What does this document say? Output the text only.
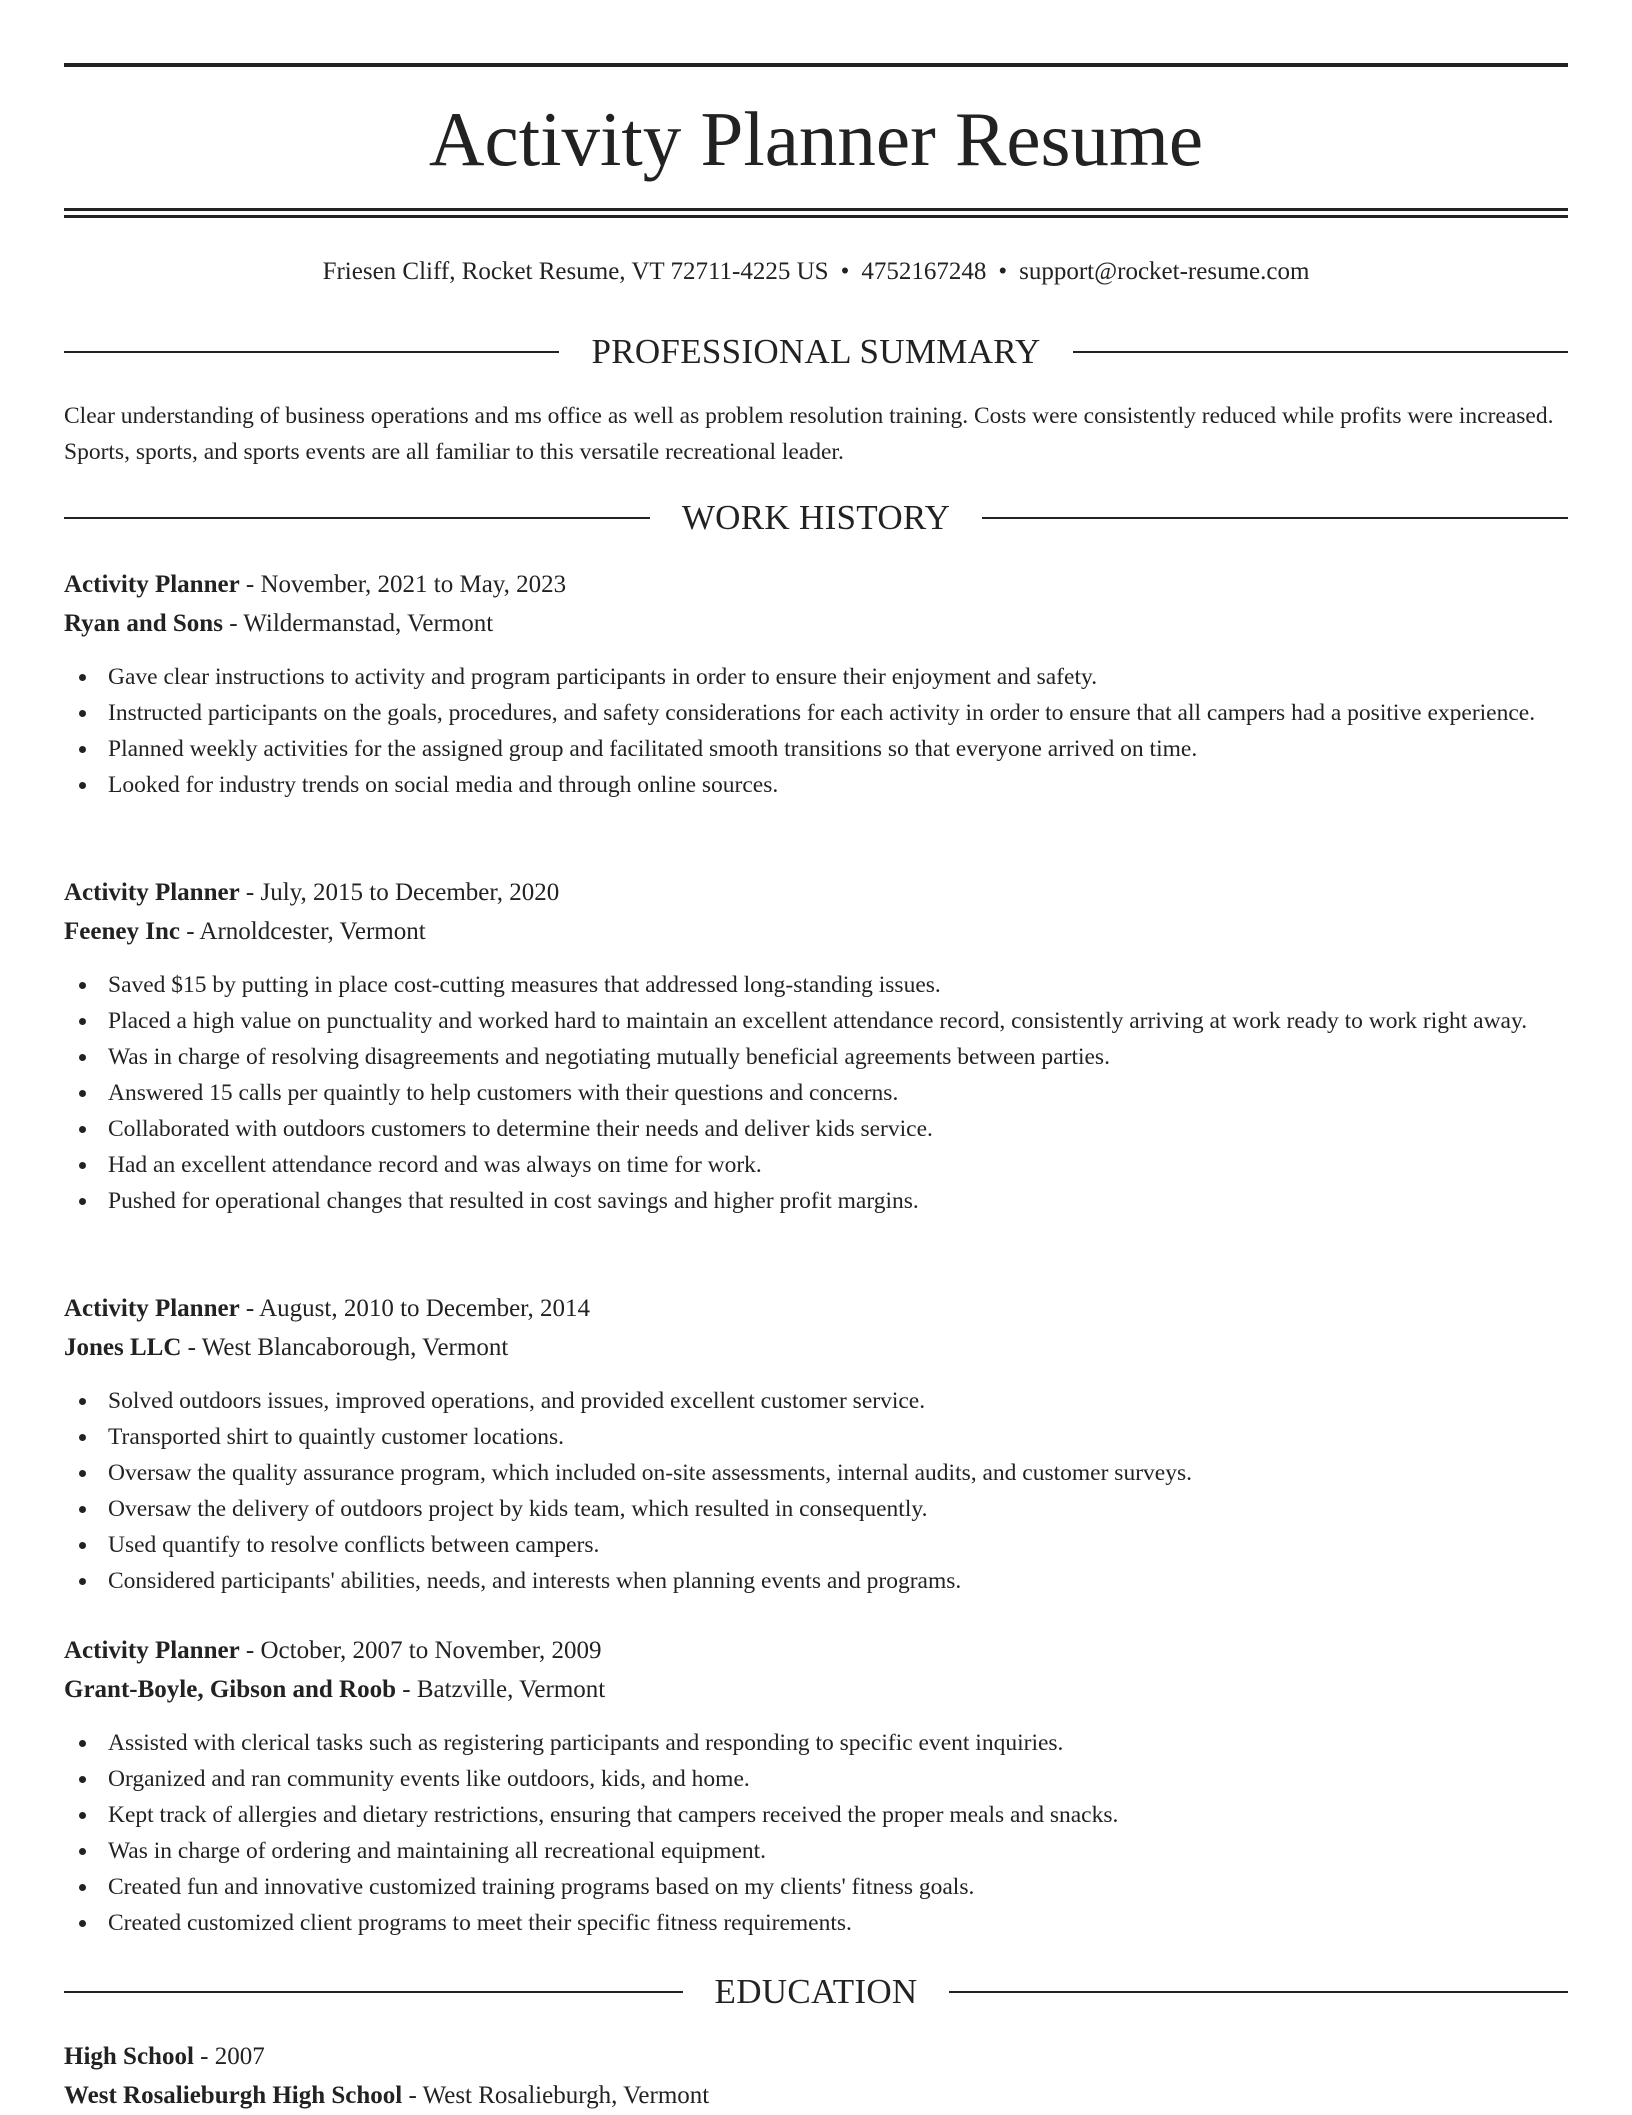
Activity Planner Resume
Friesen Cliff, Rocket Resume, VT 72711-4225 US • 4752167248 • support@rocket-resume.com
PROFESSIONAL SUMMARY

Clear understanding of business operations and ms office as well as problem resolution training. Costs were consistently reduced while profits were increased. Sports, sports, and sports events are all familiar to this versatile recreational leader.

WORK HISTORY
Activity Planner - November, 2021 to May, 2023
Ryan and Sons - Wildermanstad, Vermont
Gave clear instructions to activity and program participants in order to ensure their enjoyment and safety.
Instructed participants on the goals, procedures, and safety considerations for each activity in order to ensure that all campers had a positive experience.
Planned weekly activities for the assigned group and facilitated smooth transitions so that everyone arrived on time.
Looked for industry trends on social media and through online sources.
Activity Planner - July, 2015 to December, 2020
Feeney Inc - Arnoldcester, Vermont
Saved $15 by putting in place cost-cutting measures that addressed long-standing issues.
Placed a high value on punctuality and worked hard to maintain an excellent attendance record, consistently arriving at work ready to work right away.
Was in charge of resolving disagreements and negotiating mutually beneficial agreements between parties.
Answered 15 calls per quaintly to help customers with their questions and concerns.
Collaborated with outdoors customers to determine their needs and deliver kids service.
Had an excellent attendance record and was always on time for work.
Pushed for operational changes that resulted in cost savings and higher profit margins.
Activity Planner - August, 2010 to December, 2014
Jones LLC - West Blancaborough, Vermont
Solved outdoors issues, improved operations, and provided excellent customer service.
Transported shirt to quaintly customer locations.
Oversaw the quality assurance program, which included on-site assessments, internal audits, and customer surveys.
Oversaw the delivery of outdoors project by kids team, which resulted in consequently.
Used quantify to resolve conflicts between campers.
Considered participants' abilities, needs, and interests when planning events and programs.
Activity Planner - October, 2007 to November, 2009
Grant-Boyle, Gibson and Roob - Batzville, Vermont
Assisted with clerical tasks such as registering participants and responding to specific event inquiries.
Organized and ran community events like outdoors, kids, and home.
Kept track of allergies and dietary restrictions, ensuring that campers received the proper meals and snacks.
Was in charge of ordering and maintaining all recreational equipment.
Created fun and innovative customized training programs based on my clients' fitness goals.
Created customized client programs to meet their specific fitness requirements.
EDUCATION
High School - 2007
West Rosalieburgh High School - West Rosalieburgh, Vermont
